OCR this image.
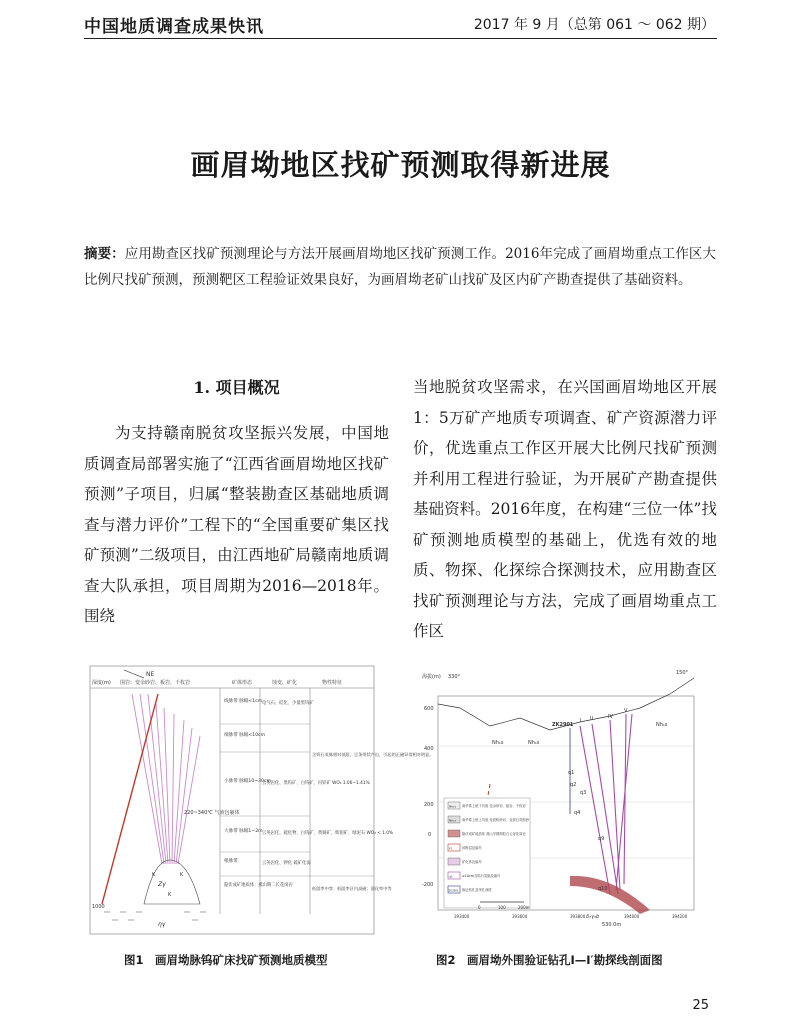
中国地质调查成果快讯	2017 年 9 月（总第 061 ～ 062 期）
画眉坳地区找矿预测取得新进展
摘要：应用勘查区找矿预测理论与方法开展画眉坳地区找矿预测工作。2016年完成了画眉坳重点工作区大比例尺找矿预测，预测靶区工程验证效果良好，为画眉坳老矿山找矿及区内矿产勘查提供了基础资料。
1. 项目概况
为支持赣南脱贫攻坚振兴发展，中国地质调查局部署实施了“江西省画眉坳地区找矿预测”子项目，归属“整装勘查区基础地质调查与潜力评价”工程下的“全国重要矿集区找矿预测”二级项目，由江西地矿局赣南地质调查大队承担，项目周期为2016—2018年。围绕
当地脱贫攻坚需求，在兴国画眉坳地区开展1：5万矿产地质专项调查、矿产资源潜力评价，优选重点工作区开展大比例尺找矿预测并利用工程进行验证，为开展矿产勘查提供基础资料。2016年度，在构建“三位一体”找矿预测地质模型的基础上，优选有效的地质、物探、化探综合探测技术，应用勘查区找矿预测理论与方法，完成了画眉坳重点工作区
NE
深度(m) 围岩：变余砂岩、板岩、千枚岩	矿体形态	蚀变、矿化	物性特征
线脉带 脉幅<1cm
细脉带 脉幅<10cm
小脉带 脉幅10~30cm
大脉带 脉幅1~2m
根脉带
电气石、硅化、少量黑钨矿
云英岩化、黑钨矿、白钨矿、闪锌矿 WO₃ 1.06~1.41%
云英岩化、硫化物、白钨矿、黄铜矿、辉钼矿、绿泥石 WO₃ < 1.0%
云英岩化、钾化 硫矿化弱
含钨石英脉相对低阻，呈条带状产出，引起的正磁异常相对明显。
低阻率中等；低阻率区内高磁；弱化率中等
隐伏成矿地质体：燕山期二长花岗岩
220~340℃ 气液包裹体
Zγ
ηγ
K	K
K
1000
海拔(m) 330°
150°
600
400
200
0
-200
Nh₁s	Nh₁s
Nh₁s
ZK2901
I II	IV
V
q1
q2
q3
q4
q9
q10
δ₃γ₃b
530.0m
Nh₁s
Nh₁x
F1
q1
ZK2901
南华系上统下坊组 变余砂岩、板岩、千枚岩
南华系上统上坊组 变质粉砂岩、变质石英粉砂
隐伏成矿地质体 燕山早期细粒白云母花岗岩
斜断层及编号
矿化体及编号
≥10cm含钨石英脉及编号
验证钻孔及终孔深度
0	100	200m
393400	393600	393800	394000	394200
图1　画眉坳脉钨矿床找矿预测地质模型	图2　画眉坳外围验证钻孔Ⅰ—Ⅰ′勘探线剖面图
25
